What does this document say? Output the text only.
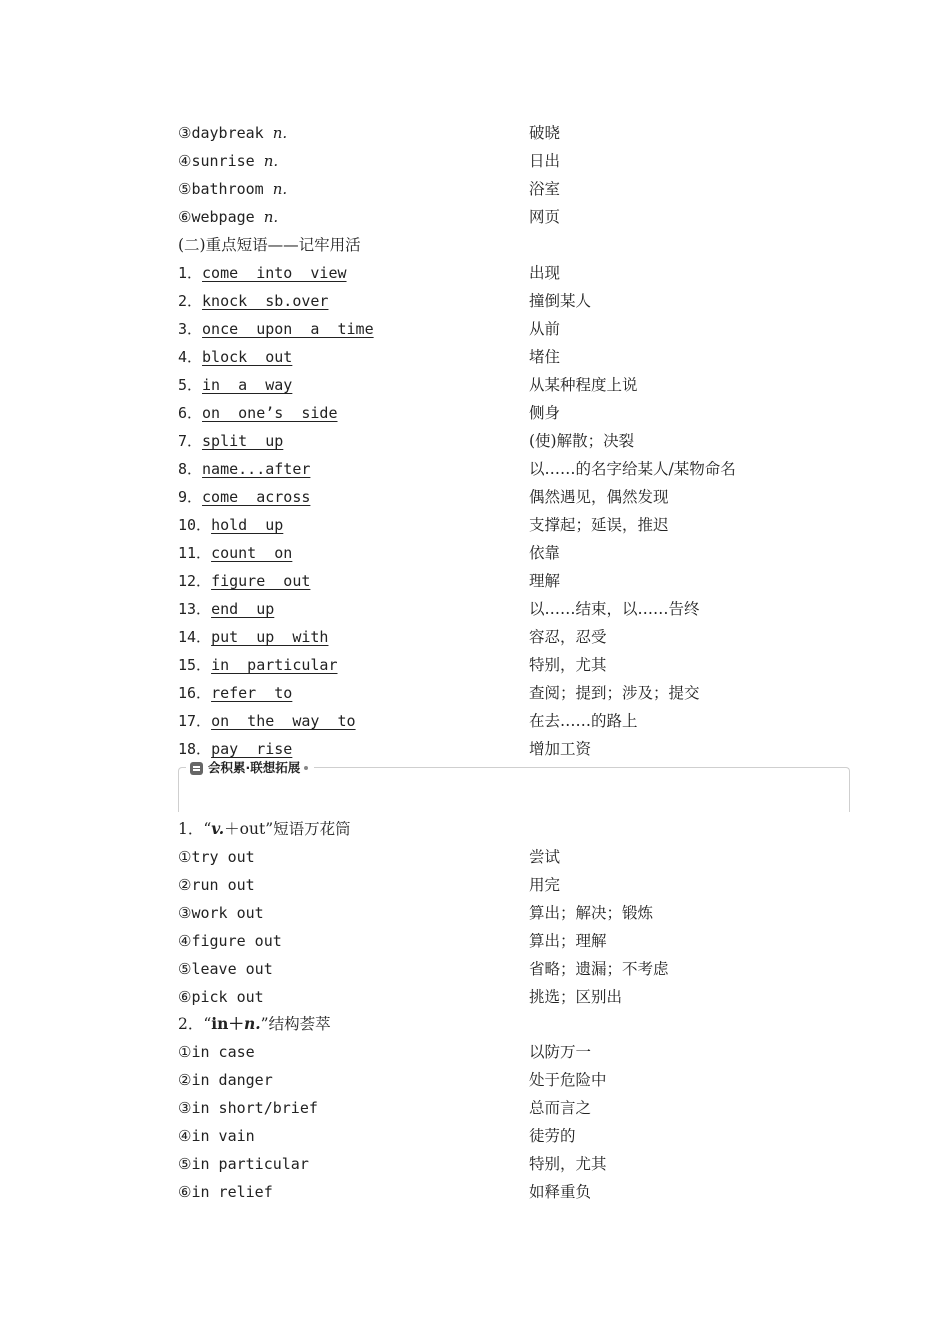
③daybreak n.	破晓
④sunrise n.	日出
⑤bathroom n.	浴室
⑥webpage n.	网页
(二)重点短语——记牢用活
1．come  into  view	出现
2．knock  sb.over	撞倒某人
3．once  upon  a  time	从前
4．block  out	堵住
5．in  a  way	从某种程度上说
6．on  one’s  side	侧身
7．split  up	(使)解散；决裂
8．name...after	以……的名字给某人/某物命名
9．come  across	偶然遇见，偶然发现
10．hold  up	支撑起；延误，推迟
11．count  on	依靠
12．figure  out	理解
13．end  up	以……结束，以……告终
14．put  up  with	容忍，忍受
15．in  particular	特别，尤其
16．refer  to	查阅；提到；涉及；提交
17．on  the  way  to	在去……的路上
18．pay  rise	增加工资
会积累·联想拓展
1．“v.＋out”短语万花筒
①try out	尝试
②run out	用完
③work out	算出；解决；锻炼
④figure out	算出；理解
⑤leave out	省略；遗漏；不考虑
⑥pick out	挑选；区别出
2．“in＋n.”结构荟萃
①in case	以防万一
②in danger	处于危险中
③in short/brief	总而言之
④in vain	徒劳的
⑤in particular	特别，尤其
⑥in relief	如释重负
